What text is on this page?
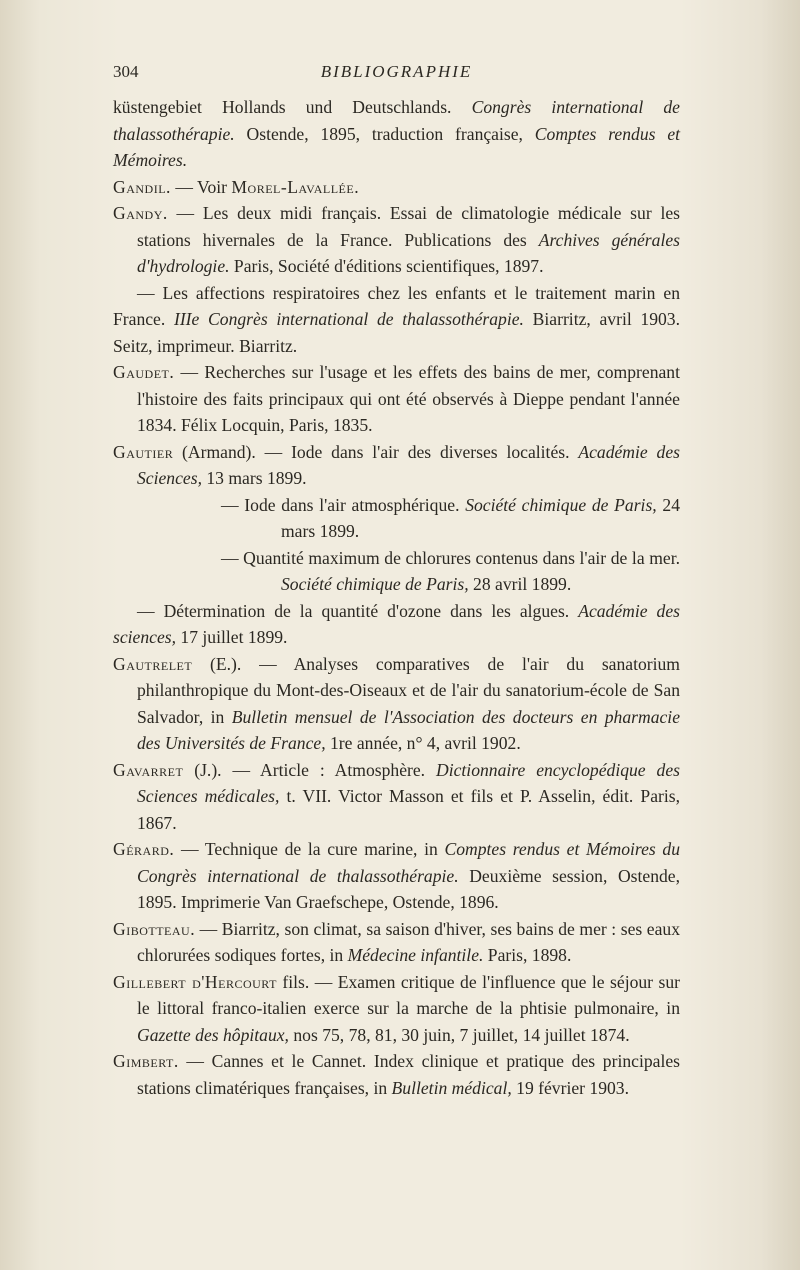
304	BIBLIOGRAPHIE

küstengebiet Hollands und Deutschlands. Congrès international de thalassothérapie. Ostende, 1895, traduction française, Comptes rendus et Mémoires.

Gandil. — Voir Morel-Lavallée.

Gandy. — Les deux midi français. Essai de climatologie médicale sur les stations hivernales de la France. Publications des Archives générales d'hydrologie. Paris, Société d'éditions scientifiques, 1897.

— Les affections respiratoires chez les enfants et le traitement marin en France. IIIe Congrès international de thalassothérapie. Biarritz, avril 1903. Seitz, imprimeur. Biarritz.

Gaudet. — Recherches sur l'usage et les effets des bains de mer, comprenant l'histoire des faits principaux qui ont été observés à Dieppe pendant l'année 1834. Félix Locquin, Paris, 1835.

Gautier (Armand). — Iode dans l'air des diverses localités. Académie des Sciences, 13 mars 1899.

— Iode dans l'air atmosphérique. Société chimique de Paris, 24 mars 1899.

— Quantité maximum de chlorures contenus dans l'air de la mer. Société chimique de Paris, 28 avril 1899.

— Détermination de la quantité d'ozone dans les algues. Académie des sciences, 17 juillet 1899.

Gautrelet (E.). — Analyses comparatives de l'air du sanatorium philanthropique du Mont-des-Oiseaux et de l'air du sanatorium-école de San Salvador, in Bulletin mensuel de l'Association des docteurs en pharmacie des Universités de France, 1re année, n° 4, avril 1902.

Gavarret (J.). — Article : Atmosphère. Dictionnaire encyclopédique des Sciences médicales, t. VII. Victor Masson et fils et P. Asselin, édit. Paris, 1867.

Gérard. — Technique de la cure marine, in Comptes rendus et Mémoires du Congrès international de thalassothérapie. Deuxième session, Ostende, 1895. Imprimerie Van Graefschepe, Ostende, 1896.

Gibotteau. — Biarritz, son climat, sa saison d'hiver, ses bains de mer : ses eaux chlorurées sodiques fortes, in Médecine infantile. Paris, 1898.

Gillebert d'Hercourt fils. — Examen critique de l'influence que le séjour sur le littoral franco-italien exerce sur la marche de la phtisie pulmonaire, in Gazette des hôpitaux, nos 75, 78, 81, 30 juin, 7 juillet, 14 juillet 1874.

Gimbert. — Cannes et le Cannet. Index clinique et pratique des principales stations climatériques françaises, in Bulletin médical, 19 février 1903.
